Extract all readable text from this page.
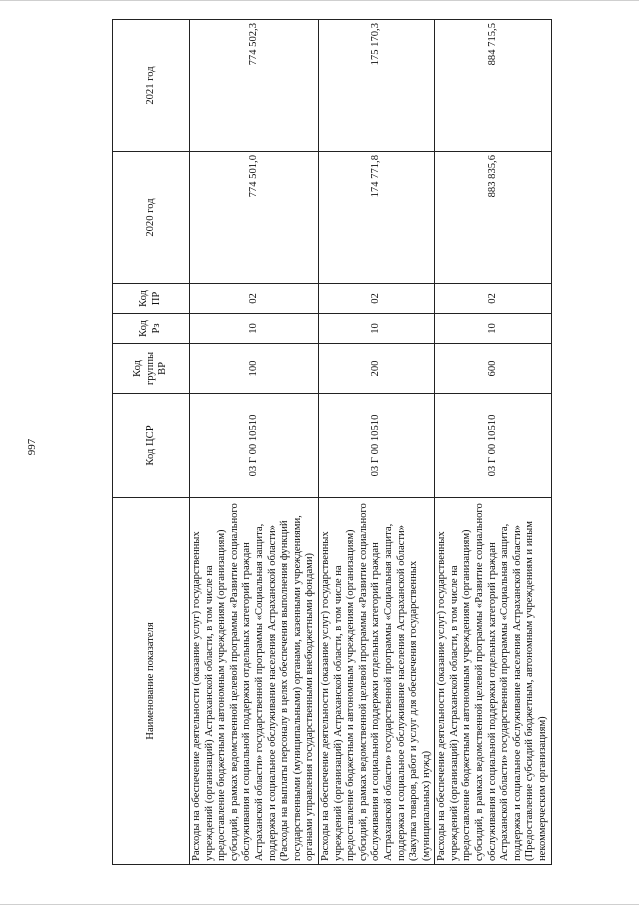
997
Наименование показателя	Код ЦСР	Код группы ВР	Код Рз	Код ПР	2020 год	2021 год
Расходы на обеспечение деятельности (оказание услуг) государственных учреждений (организаций) Астраханской области, в том числе на предоставление бюджетным и автономным учреждениям (организациям) субсидий, в рамках ведомственной целевой программы «Развитие социального обслуживания и социальной поддержки отдельных категорий граждан Астраханской области» государственной программы «Социальная защита, поддержка и социальное обслуживание населения Астраханской области» (Расходы на выплаты персоналу в целях обеспечения выполнения функций государственными (муниципальными) органами, казенными учреждениями, органами управления государственными внебюджетными фондами)	03 Г 00 10510	100	10	02	774 501,0	774 502,3
Расходы на обеспечение деятельности (оказание услуг) государственных учреждений (организаций) Астраханской области, в том числе на предоставление бюджетным и автономным учреждениям (организациям) субсидий, в рамках ведомственной целевой программы «Развитие социального обслуживания и социальной поддержки отдельных категорий граждан Астраханской области» государственной программы «Социальная защита, поддержка и социальное обслуживание населения Астраханской области» (Закупка товаров, работ и услуг для обеспечения государственных (муниципальных) нужд)	03 Г 00 10510	200	10	02	174 771,8	175 170,3
Расходы на обеспечение деятельности (оказание услуг) государственных учреждений (организаций) Астраханской области, в том числе на предоставление бюджетным и автономным учреждениям (организациям) субсидий, в рамках ведомственной целевой программы «Развитие социального обслуживания и социальной поддержки отдельных категорий граждан Астраханской области» государственной программы «Социальная защита, поддержка и социальное обслуживание населения Астраханской области» (Предоставление субсидий бюджетным, автономным учреждениям и иным некоммерческим организациям)	03 Г 00 10510	600	10	02	883 835,6	884 715,5
